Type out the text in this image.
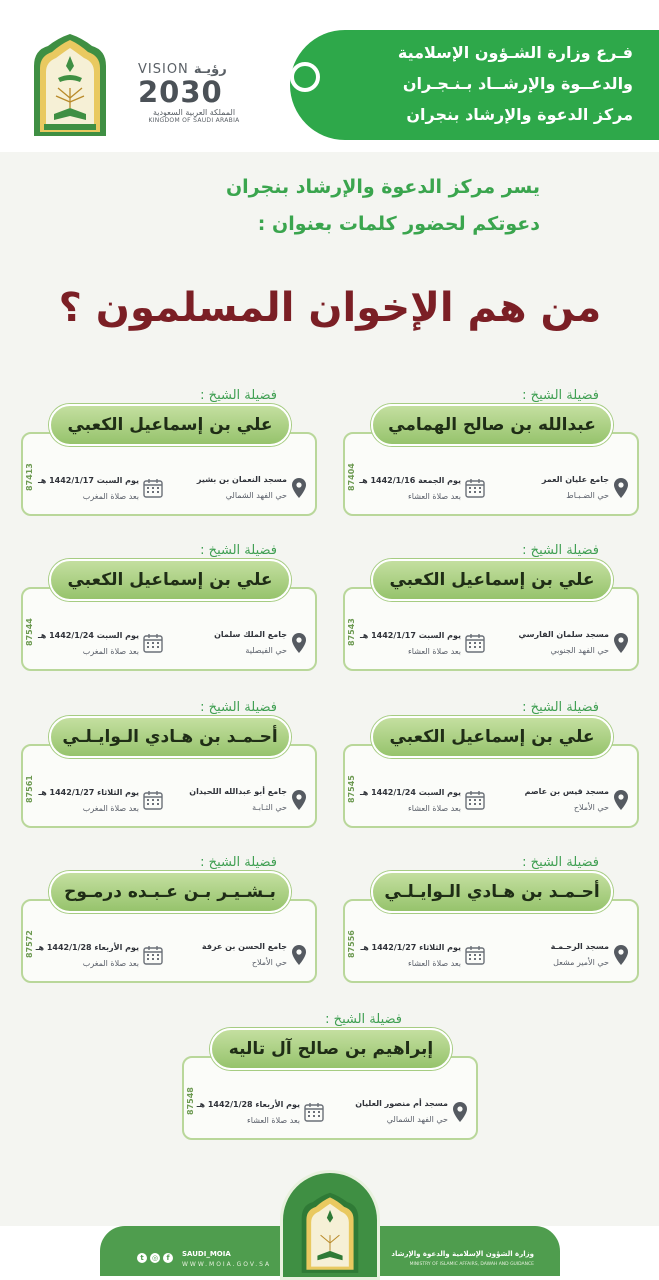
فـرع وزارة الشـؤون الإسلامية
والدعــوة والإرشــاد بـنـجـران
مركز الدعوة والإرشاد بنجران
VISION رؤيـة
2030
المملكة العربية السعودية
KINGDOM OF SAUDI ARABIA
يسر مركز الدعوة والإرشاد بنجران
دعوتكم لحضور كلمات بعنوان :
من هم الإخوان المسلمون ؟
فضيلة الشيخ :
عبدالله بن صالح الهمامي
87404	جامع عليان العمر
حي الضـبـاط
يوم الجمعة 1442/1/16 هـ
بعد صلاة العشاء
فضيلة الشيخ :
علي بن إسماعيل الكعبي
87413	مسجد النعمان بن بشير
حي الفهد الشمالي
يوم السبت 1442/1/17 هـ
بعد صلاة المغرب
فضيلة الشيخ :
علي بن إسماعيل الكعبي
87543	مسجد سلمان الفارسي
حي الفهد الجنوبي
يوم السبت 1442/1/17 هـ
بعد صلاة العشاء
فضيلة الشيخ :
علي بن إسماعيل الكعبي
87544	جامع الملك سلمان
حي الفيصلية
يوم السبت 1442/1/24 هـ
بعد صلاة المغرب
فضيلة الشيخ :
علي بن إسماعيل الكعبي
87545	مسجد قيس بن عاصم
حي الأملاح
يوم السبت 1442/1/24 هـ
بعد صلاة العشاء
فضيلة الشيخ :
أحـمـد بن هـادي الـوايـلـي
87561	جامع أبو عبدالله اللحيدان
حي الثـابـة
يوم الثلاثاء 1442/1/27 هـ
بعد صلاة المغرب
فضيلة الشيخ :
أحـمـد بن هـادي الـوايـلـي
87556	مسجد الرحـمـة
حي الأمير مشعل
يوم الثلاثاء 1442/1/27 هـ
بعد صلاة العشاء
فضيلة الشيخ :
بـشـيـر بـن عـبـده درمـوح
87572	جامع الحسن بن عرفة
حي الأملاح
يوم الأربعاء 1442/1/28 هـ
بعد صلاة المغرب
فضيلة الشيخ :
إبراهيم بن صالح آل تاليه
87548	مسجد أم منصور العليان
حي الفهد الشمالي
يوم الأربعاء 1442/1/28 هـ
بعد صلاة العشاء
t	◎	f	SAUDI_MOIA
WWW.MOIA.GOV.SA
وزارة الشؤون الإسلامية والدعوة والإرشاد
MINISTRY OF ISLAMIC AFFAIRS, DAWAH AND GUIDANCE
